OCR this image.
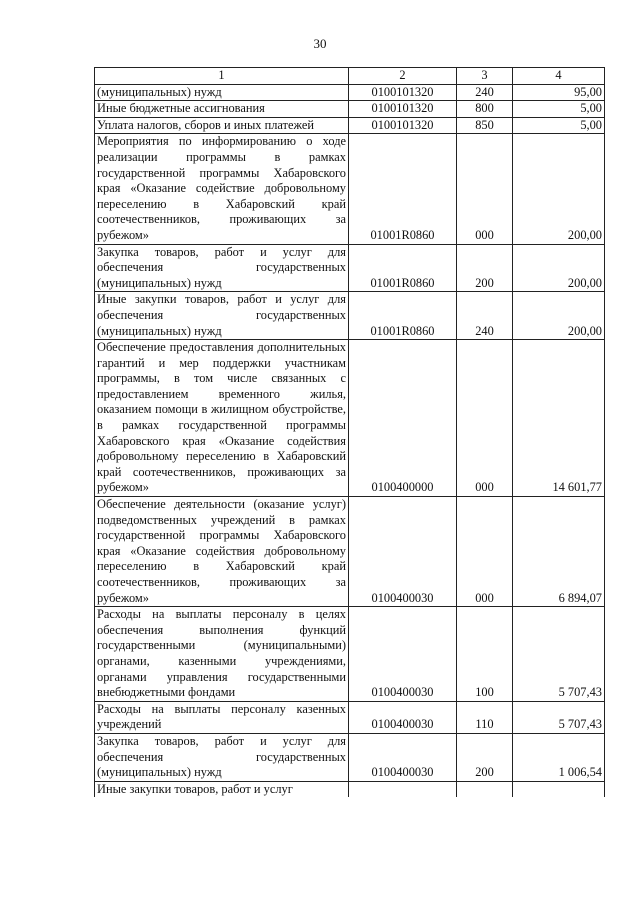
30
1	2	3	4
(муниципальных) нужд	0100101320	240	95,00
Иные бюджетные ассигнования	0100101320	800	5,00
Уплата налогов, сборов и иных платежей	0100101320	850	5,00
Мероприятия по информированию о ходе реализации программы в рамках государственной программы Хабаровского края «Оказание содействие добровольному переселению в Хабаровский край соотечественников, проживающих за рубежом»	01001R0860	000	200,00
Закупка товаров, работ и услуг для обеспечения государственных (муниципальных) нужд	01001R0860	200	200,00
Иные закупки товаров, работ и услуг для обеспечения государственных (муниципальных) нужд	01001R0860	240	200,00
Обеспечение предоставления дополнительных гарантий и мер поддержки участникам программы, в том числе связанных с предоставлением временного жилья, оказанием помощи в жилищном обустройстве, в рамках государственной программы Хабаровского края «Оказание содействия добровольному переселению в Хабаровский край соотечественников, проживающих за рубежом»	0100400000	000	14 601,77
Обеспечение деятельности (оказание услуг) подведомственных учреждений в рамках государственной программы Хабаровского края «Оказание содействия добровольному переселению в Хабаровский край соотечественников, проживающих за рубежом»	0100400030	000	6 894,07
Расходы на выплаты персоналу в целях обеспечения выполнения функций государственными (муниципальными) органами, казенными учреждениями, органами управления государственными внебюджетными фондами	0100400030	100	5 707,43
Расходы на выплаты персоналу казенных учреждений	0100400030	110	5 707,43
Закупка товаров, работ и услуг для обеспечения государственных (муниципальных) нужд	0100400030	200	1 006,54
Иные закупки товаров, работ и услуг			
